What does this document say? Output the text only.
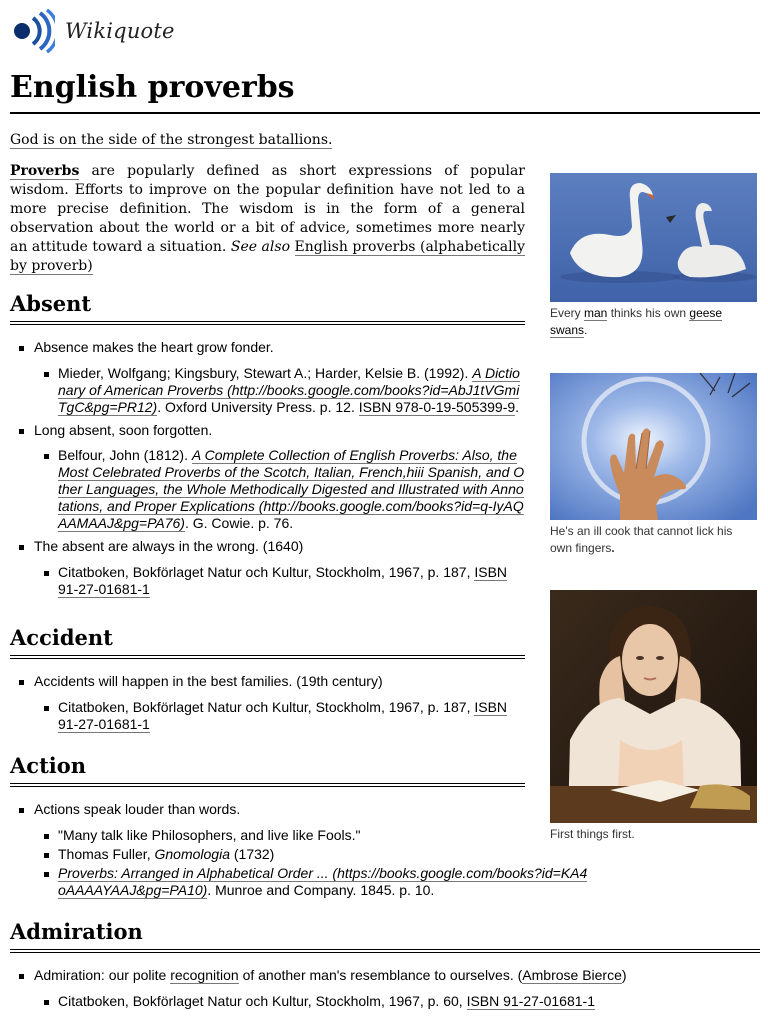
Wikiquote
English proverbs
God is on the side of the strongest batallions.

Proverbs are popularly defined as short expressions of popular wisdom. Efforts to improve on the popular definition have not led to a more precise definition. The wisdom is in the form of a general observation about the world or a bit of advice, sometimes more nearly an attitude toward a situation. See also English proverbs (alphabetically by proverb)

Absent
Absence makes the heart grow fonder.
Mieder, Wolfgang; Kingsbury, Stewart A.; Harder, Kelsie B. (1992). A Dictionary of American Proverbs (http://books.google.com/books?id=AbJ1tVGmiTgC&pg=PR12). Oxford University Press. p. 12. ISBN 978-0-19-505399-9.
Long absent, soon forgotten.
Belfour, John (1812). A Complete Collection of English Proverbs: Also, the Most Celebrated Proverbs of the Scotch, Italian, French,hiii Spanish, and Other Languages, the Whole Methodically Digested and Illustrated with Annotations, and Proper Explications (http://books.google.com/books?id=q-IyAQAAMAAJ&pg=PA76). G. Cowie. p. 76.
The absent are always in the wrong. (1640)
Citatboken, Bokförlaget Natur och Kultur, Stockholm, 1967, p. 187, ISBN 91-27-01681-1
Accident
Accidents will happen in the best families. (19th century)
Citatboken, Bokförlaget Natur och Kultur, Stockholm, 1967, p. 187, ISBN 91-27-01681-1
Action
Actions speak louder than words.
"Many talk like Philosophers, and live like Fools."
Thomas Fuller, Gnomologia (1732)
Proverbs: Arranged in Alphabetical Order ... (https://books.google.com/books?id=KA4oAAAAYAAJ&pg=PA10). Munroe and Company. 1845. p. 10.
Admiration
Admiration: our polite recognition of another man's resemblance to ourselves. (Ambrose Bierce)
Citatboken, Bokförlaget Natur och Kultur, Stockholm, 1967, p. 60, ISBN 91-27-01681-1
Every man thinks his own geese swans.
He's an ill cook that cannot lick his own fingers.
First things first.
